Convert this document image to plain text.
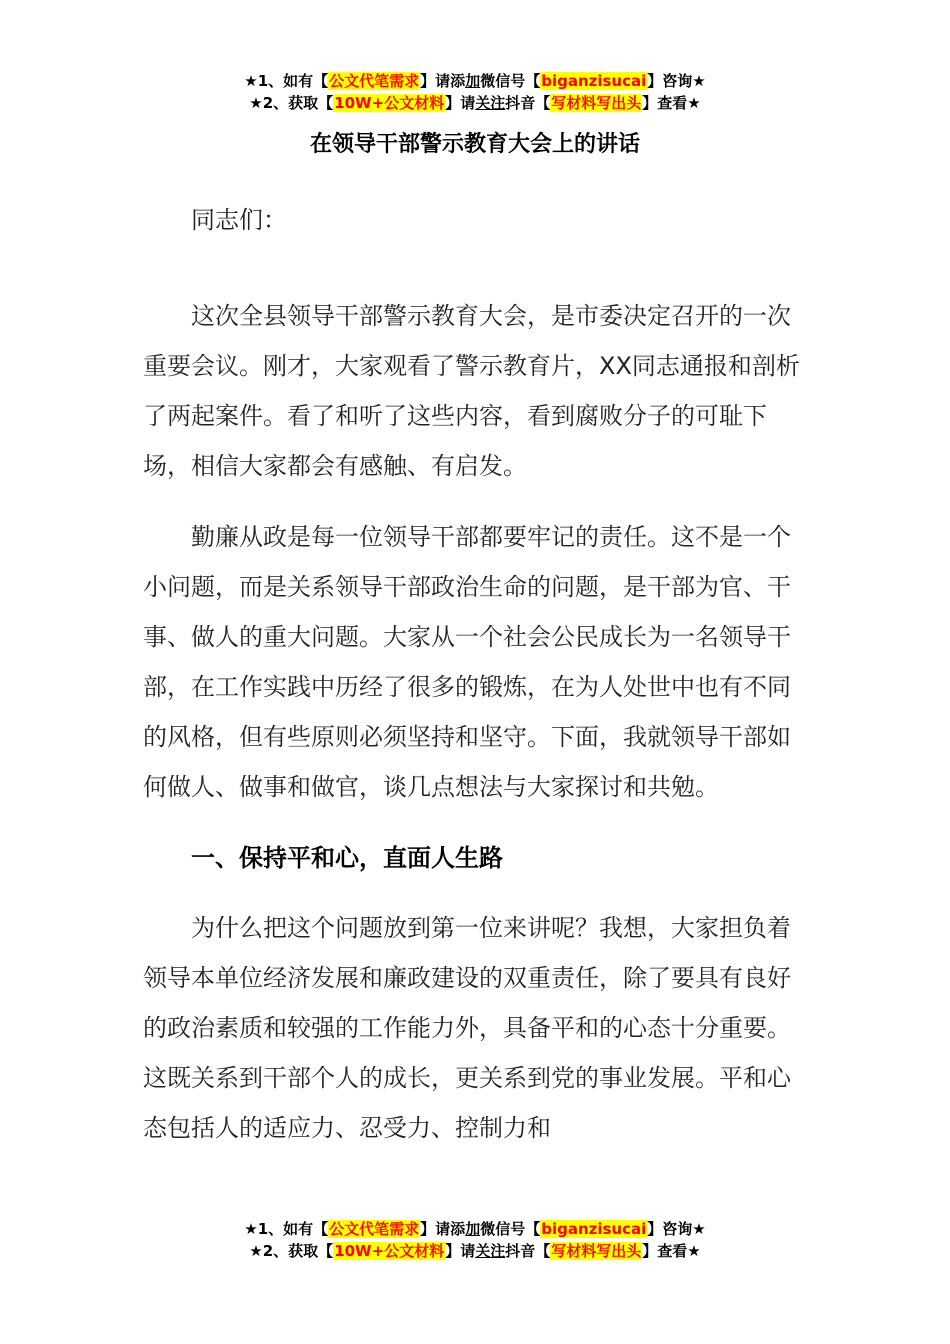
★1、如有【公文代笔需求】请添加微信号【biganzisucai】咨询★
★2、获取【10W+公文材料】请关注抖音【写材料写出头】查看★
在领导干部警示教育大会上的讲话

同志们：

这次全县领导干部警示教育大会，是市委决定召开的一次重要会议。刚才，大家观看了警示教育片，XX同志通报和剖析了两起案件。看了和听了这些内容，看到腐败分子的可耻下场，相信大家都会有感触、有启发。

勤廉从政是每一位领导干部都要牢记的责任。这不是一个小问题，而是关系领导干部政治生命的问题，是干部为官、干事、做人的重大问题。大家从一个社会公民成长为一名领导干部，在工作实践中历经了很多的锻炼，在为人处世中也有不同的风格，但有些原则必须坚持和坚守。下面，我就领导干部如何做人、做事和做官，谈几点想法与大家探讨和共勉。

一、保持平和心，直面人生路

为什么把这个问题放到第一位来讲呢？我想，大家担负着领导本单位经济发展和廉政建设的双重责任，除了要具有良好的政治素质和较强的工作能力外，具备平和的心态十分重要。这既关系到干部个人的成长，更关系到党的事业发展。平和心态包括人的适应力、忍受力、控制力和

★1、如有【公文代笔需求】请添加微信号【biganzisucai】咨询★
★2、获取【10W+公文材料】请关注抖音【写材料写出头】查看★
